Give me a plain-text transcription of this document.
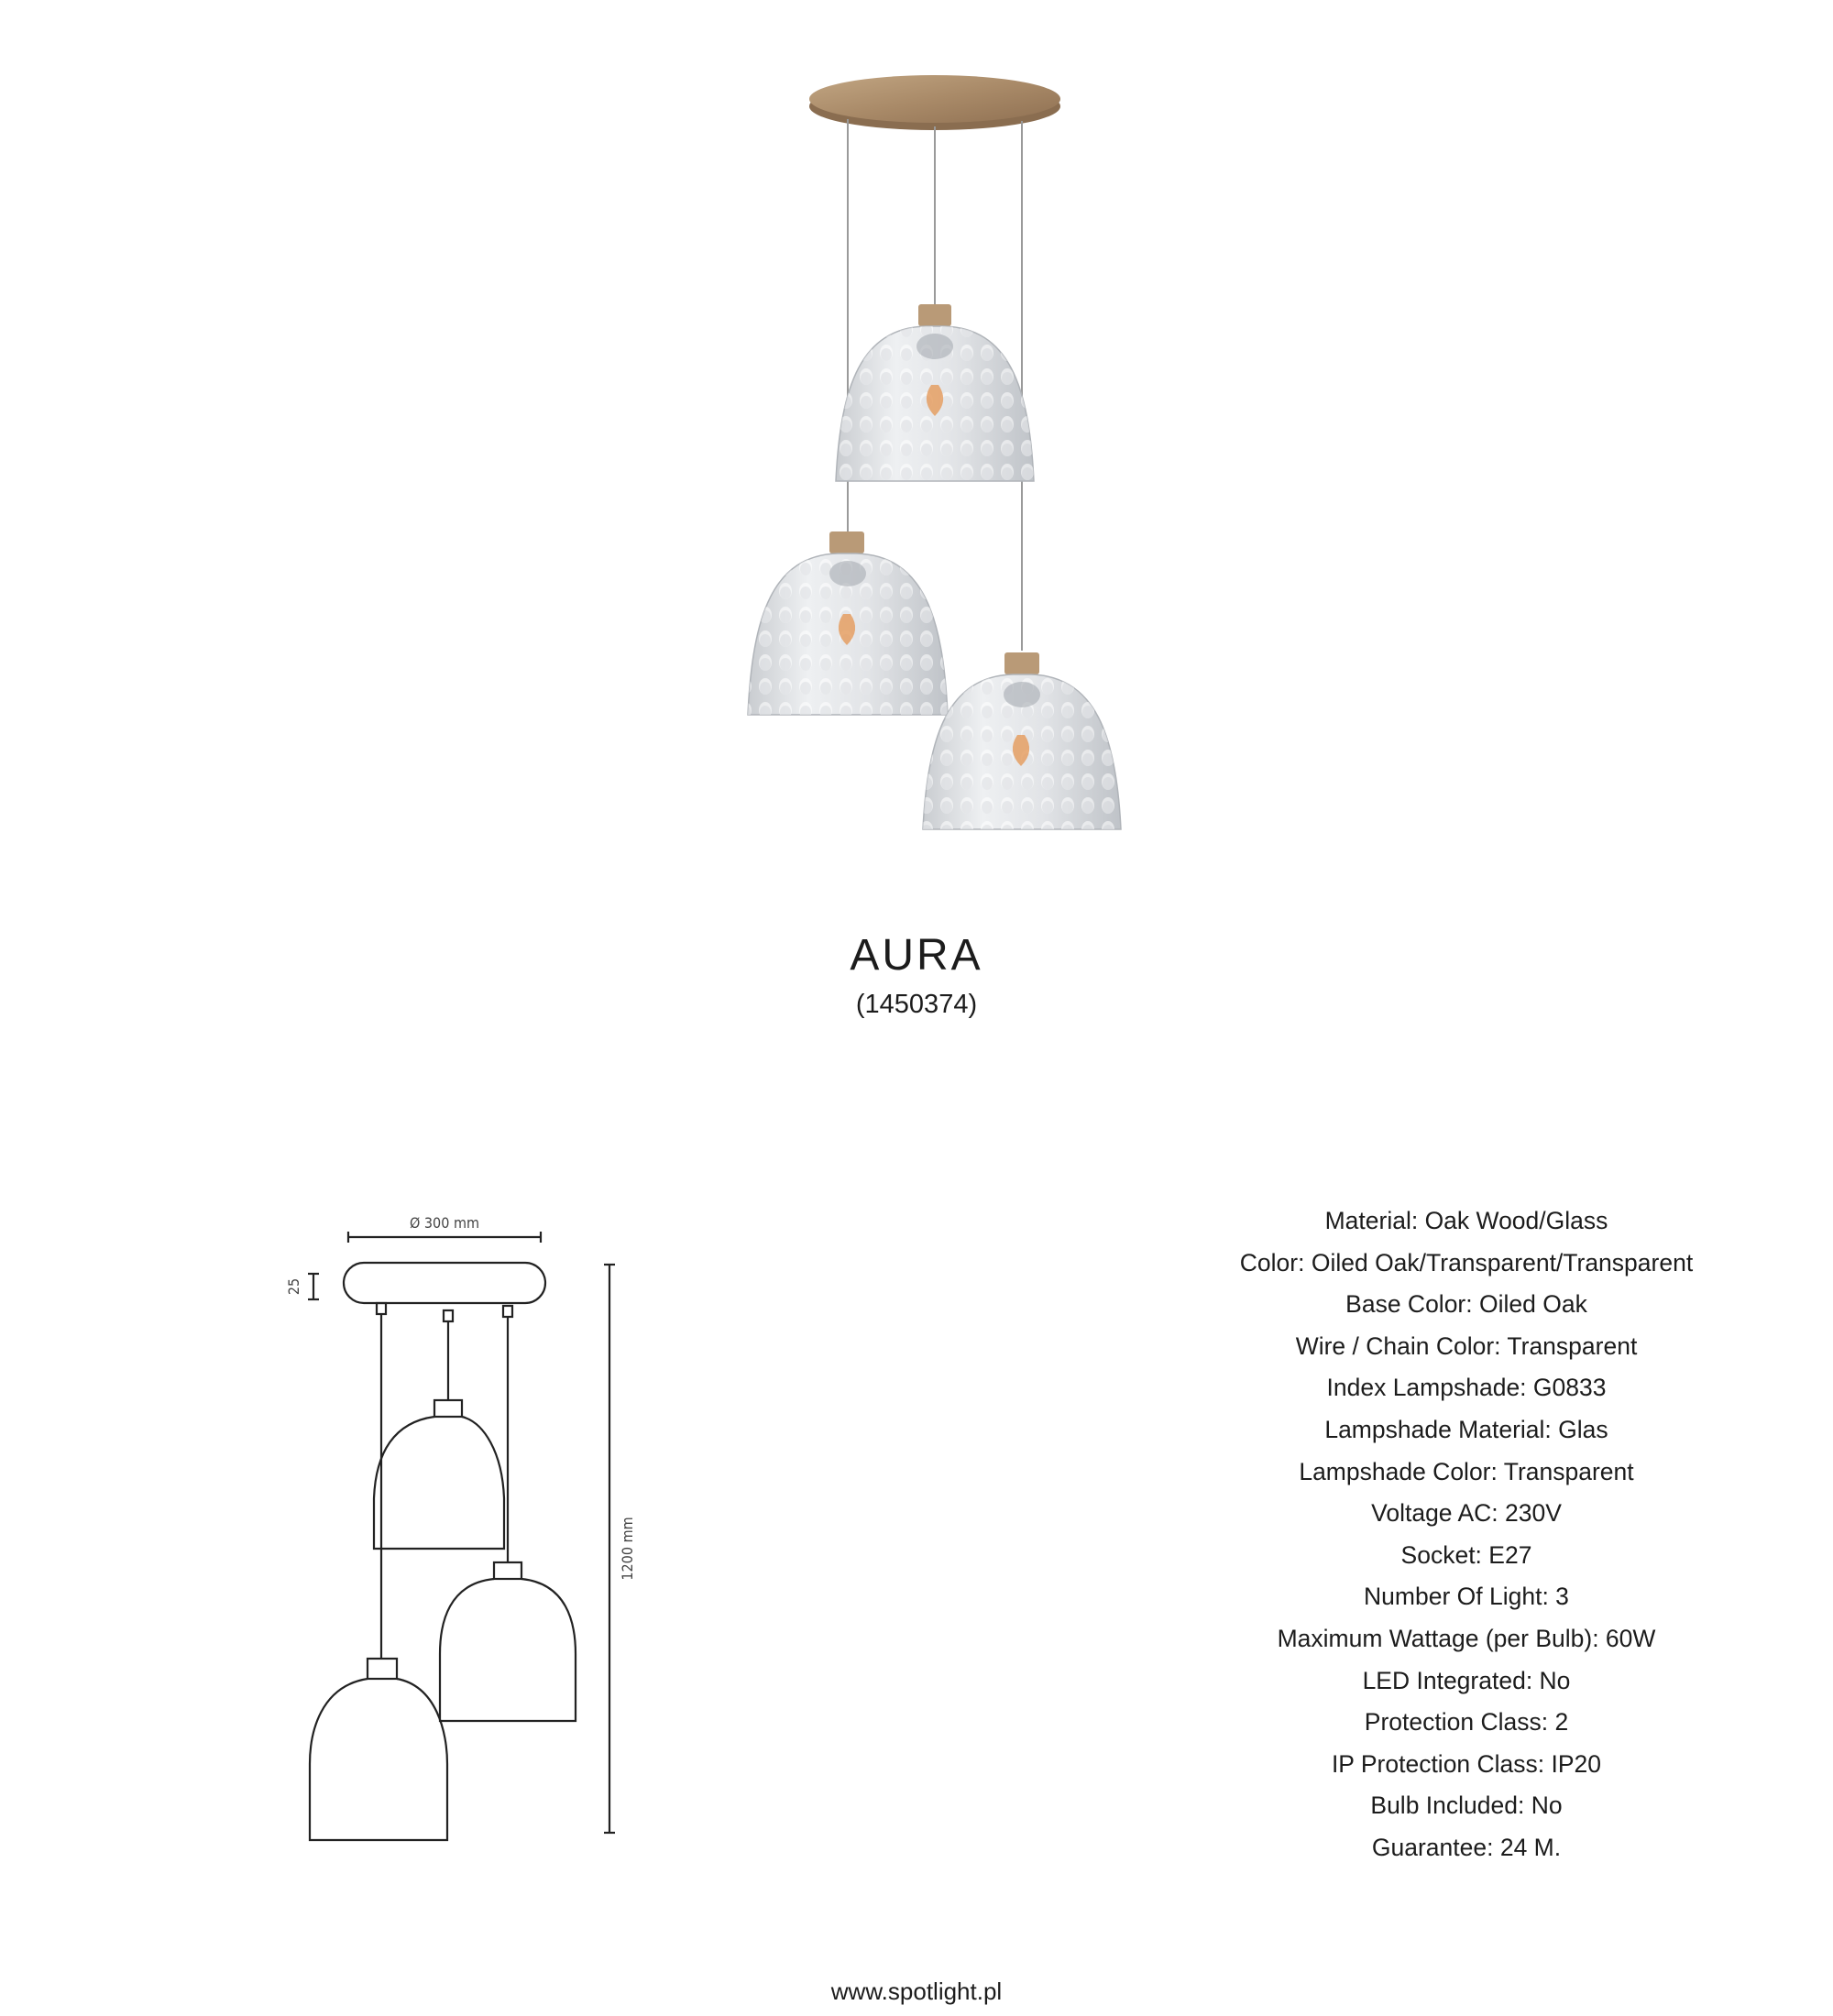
AURA
(1450374)
Ø 300 mm
25
1200 mm
Material: Oak Wood/Glass
Color: Oiled Oak/Transparent/Transparent
Base Color: Oiled Oak
Wire / Chain Color: Transparent
Index Lampshade: G0833
Lampshade Material: Glas
Lampshade Color: Transparent
Voltage AC: 230V
Socket: E27
Number Of Light: 3
Maximum Wattage (per Bulb): 60W
LED Integrated: No
Protection Class: 2
IP Protection Class: IP20
Bulb Included: No
Guarantee: 24 M.
www.spotlight.pl
